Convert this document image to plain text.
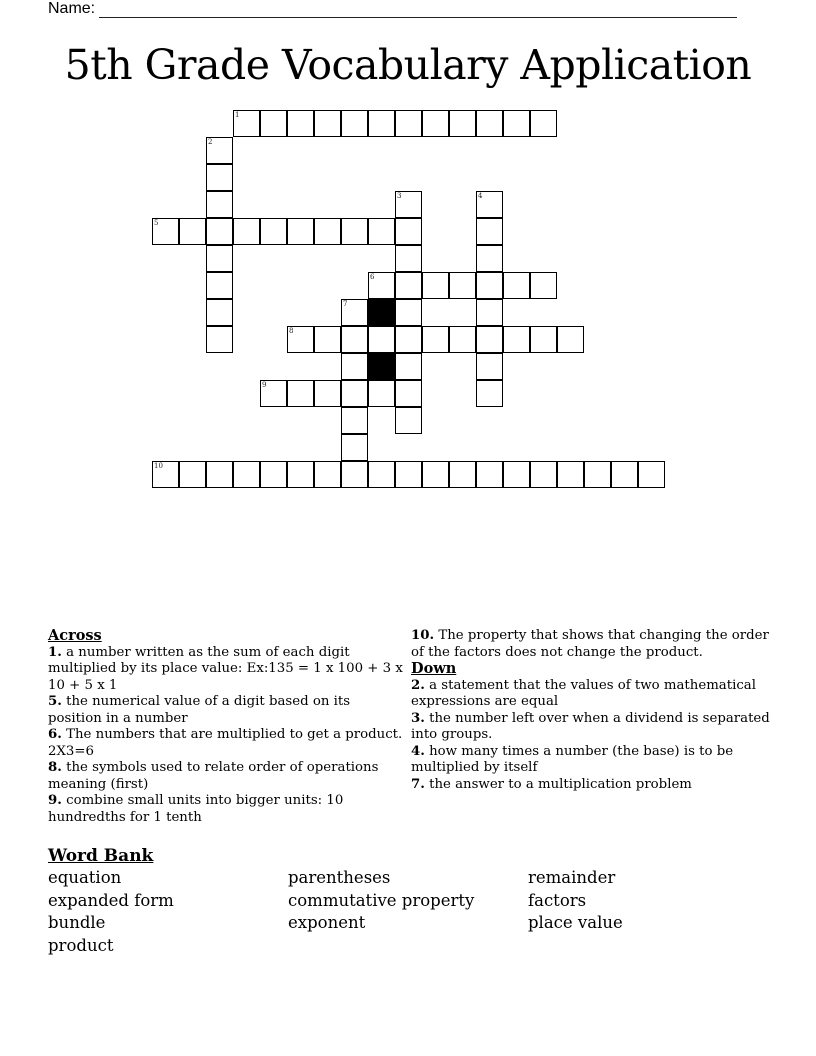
Name:
5th Grade Vocabulary Application
1
2
3	4
5
6
7
8
9
10
Across
1. a number written as the sum of each digit multiplied by its place value: Ex:135 = 1 x 100 + 3 x 10 + 5 x 1
5. the numerical value of a digit based on its position in a number
6. The numbers that are multiplied to get a product. 2X3=6
8. the symbols used to relate order of operations meaning (first)
9. combine small units into bigger units: 10 hundredths for 1 tenth
10. The property that shows that changing the order of the factors does not change the product.
Down
2. a statement that the values of two mathematical expressions are equal
3. the number left over when a dividend is separated into groups.
4. how many times a number (the base) is to be multiplied by itself
7. the answer to a multiplication problem
Word Bank
equation	parentheses	remainder
expanded form	commutative property	factors
bundle	exponent	place value
product
